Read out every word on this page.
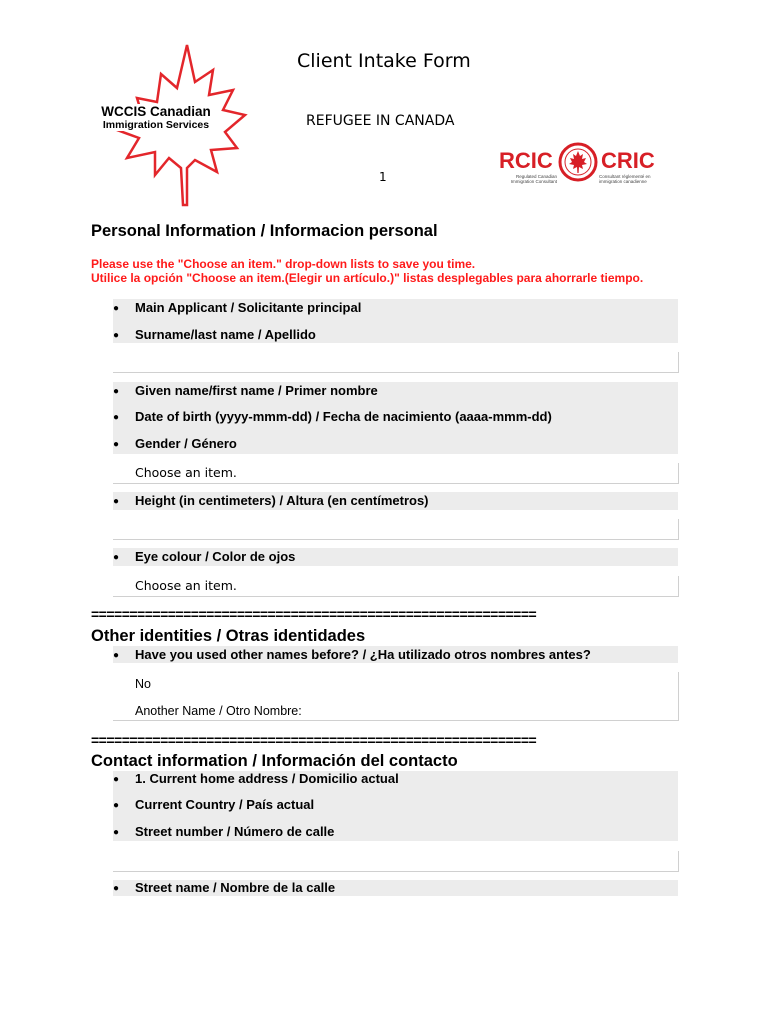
WCCIS Canadian
Immigration Services
Client Intake Form
REFUGEE IN CANADA
1
RCIC CRIC
Regulated Canadian Immigration Consultant
Consultant réglementé en immigration canadienne
Personal Information / Informacion personal
Please use the "Choose an item." drop-down lists to save you time.
Utilice la opción "Choose an item.(Elegir un artículo.)" listas desplegables para ahorrarle tiempo.
● Main Applicant / Solicitante principal
● Surname/last name / Apellido
● Given name/first name / Primer nombre
● Date of birth (yyyy-mmm-dd) / Fecha de nacimiento (aaaa-mmm-dd)
● Gender / Género
Choose an item.
● Height (in centimeters) / Altura (en centímetros)
● Eye colour / Color de ojos
Choose an item.
==========================================================
Other identities / Otras identidades
● Have you used other names before? / ¿Ha utilizado otros nombres antes?
No
Another Name / Otro Nombre:
==========================================================
Contact information / Información del contacto
● 1. Current home address / Domicilio actual
● Current Country / País actual
● Street number / Número de calle
● Street name / Nombre de la calle
